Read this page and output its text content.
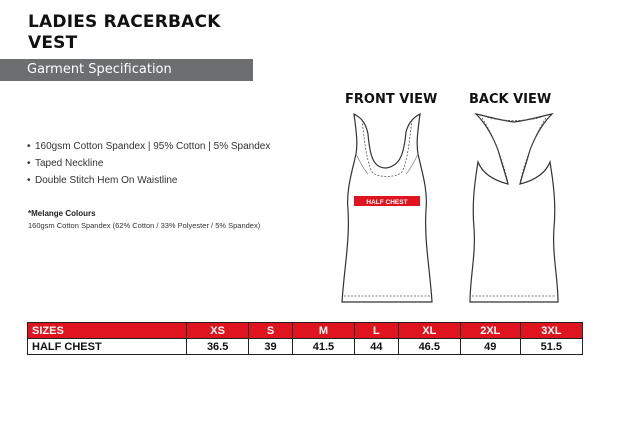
LADIES RACERBACK
VEST
Garment Specification
• 160gsm Cotton Spandex | 95% Cotton | 5% Spandex
• Taped Neckline
• Double Stitch Hem On Waistline
*Melange Colours
160gsm Cotton Spandex (62% Cotton / 33% Polyester / 5% Spandex)
FRONT VIEW BACK VIEW
HALF CHEST
SIZES	XS	S	M	L	XL	2XL	3XL
HALF CHEST	36.5	39	41.5	44	46.5	49	51.5
